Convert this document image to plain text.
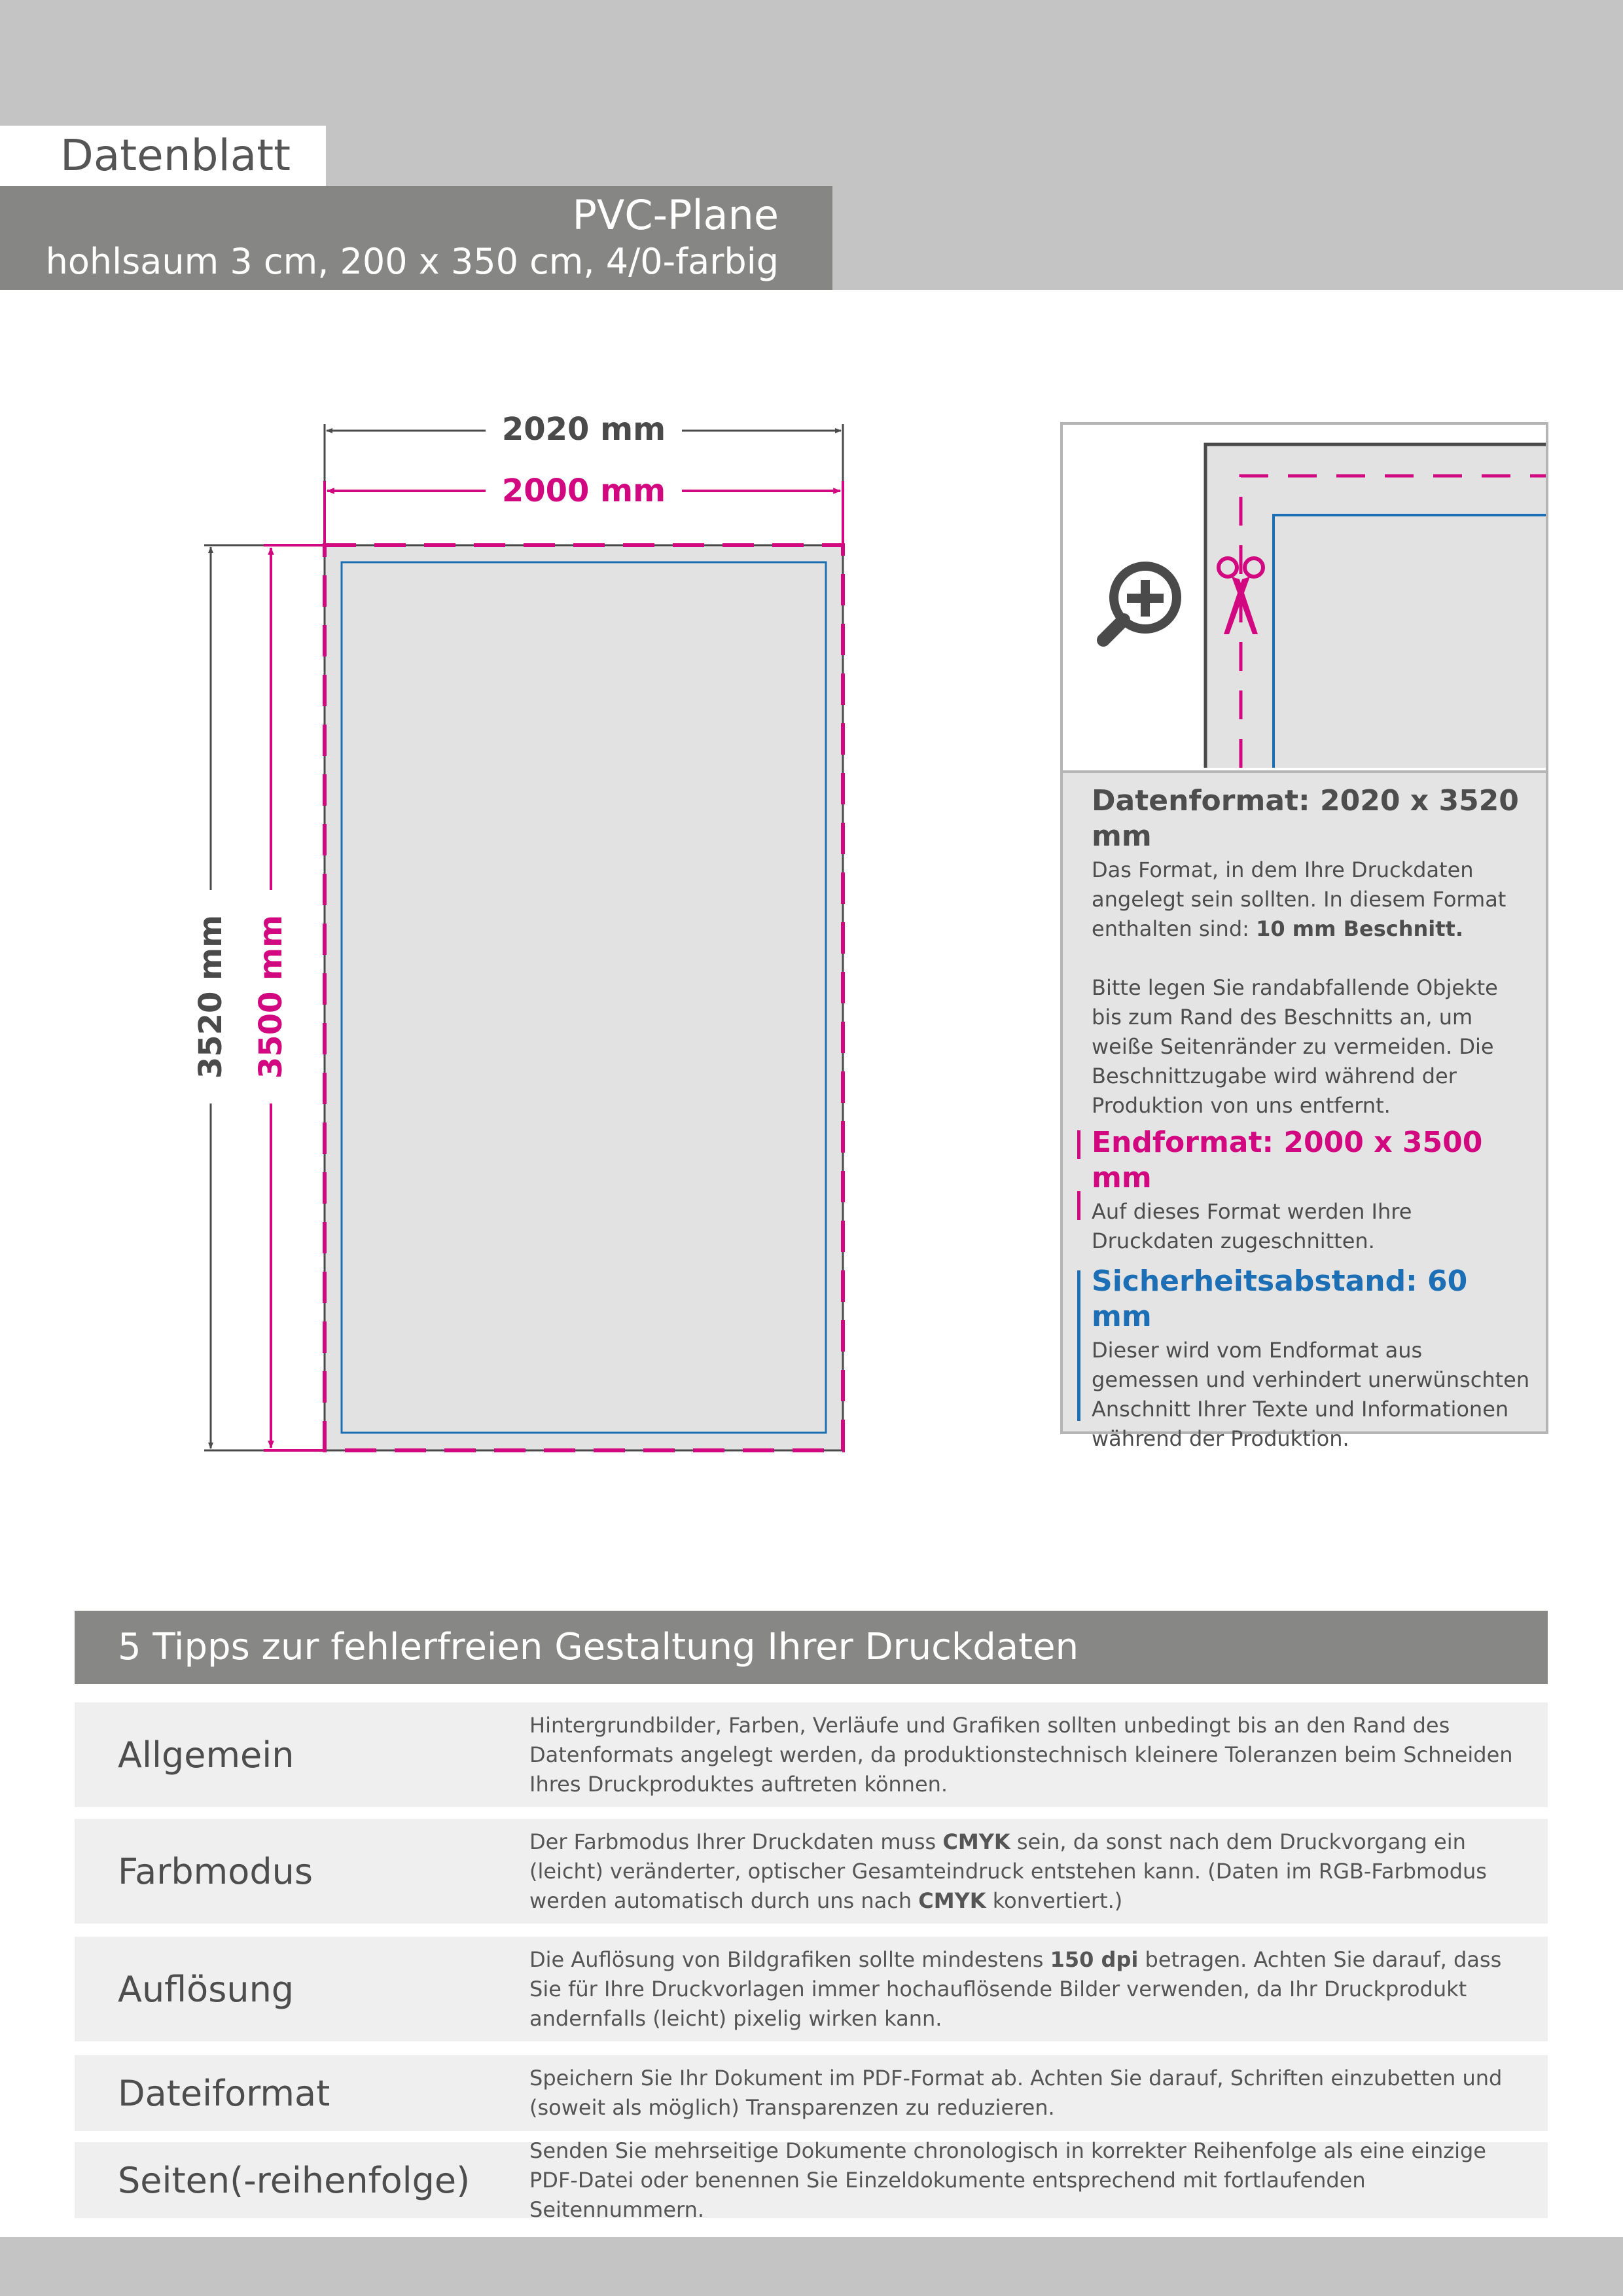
Datenblatt
PVC-Plane
hohlsaum 3 cm, 200 x 350 cm, 4/0-farbig
2020 mm
2000 mm
3520 mm 3500 mm
Datenformat: 2020 x 3520 mm
Das Format, in dem Ihre Druckdaten angelegt sein sollten. In diesem Format enthalten sind: 10 mm Beschnitt.
Bitte legen Sie randabfallende Objekte bis zum Rand des Beschnitts an, um weiße Seitenränder zu vermeiden. Die Beschnittzugabe wird während der Produktion von uns entfernt.
Endformat: 2000 x 3500 mm
Auf dieses Format werden Ihre Druckdaten zugeschnitten.
Sicherheitsabstand: 60 mm
Dieser wird vom Endformat aus gemessen und verhindert unerwünschten Anschnitt Ihrer Texte und Informationen während der Produktion.
5 Tipps zur fehlerfreien Gestaltung Ihrer Druckdaten
Allgemein
Hintergrundbilder, Farben, Verläufe und Grafiken sollten unbedingt bis an den Rand des Datenformats angelegt werden, da produktionstechnisch kleinere Toleranzen beim Schneiden Ihres Druckproduktes auftreten können.
Farbmodus
Der Farbmodus Ihrer Druckdaten muss CMYK sein, da sonst nach dem Druckvorgang ein (leicht) veränderter, optischer Gesamteindruck entstehen kann. (Daten im RGB-Farbmodus werden automatisch durch uns nach CMYK konvertiert.)
Auflösung
Die Auflösung von Bildgrafiken sollte mindestens 150 dpi betragen. Achten Sie darauf, dass Sie für Ihre Druckvorlagen immer hochauflösende Bilder verwenden, da Ihr Druckprodukt andernfalls (leicht) pixelig wirken kann.
Dateiformat	Speichern Sie Ihr Dokument im PDF-Format ab. Achten Sie darauf, Schriften einzubetten und (soweit als möglich) Transparenzen zu reduzieren.
Seiten(-reihenfolge)
Senden Sie mehrseitige Dokumente chronologisch in korrekter Reihenfolge als eine einzige PDF-Datei oder benennen Sie Einzeldokumente entsprechend mit fortlaufenden Seitennummern.
